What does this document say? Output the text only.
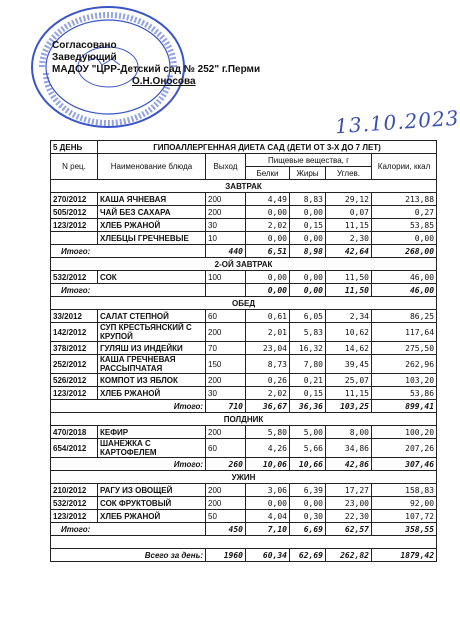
Согласовано
Заведующий
МАДОУ "ЦРР-Детский сад № 252" г.Перми
О.Н.Оносова
13.10.2023
5 ДЕНЬ	ГИПОАЛЛЕРГЕННАЯ ДИЕТА САД (ДЕТИ ОТ 3-Х ДО 7 ЛЕТ)					
N рец.	Наименование блюда	Выход	Пищевые вещества, г			Калории, ккал
			Белки	Жиры	Углев.	
ЗАВТРАК						
270/2012	КАША ЯЧНЕВАЯ	200	4,49	8,83	29,12	213,88
505/2012	ЧАЙ БЕЗ САХАРА	200	0,00	0,00	0,07	0,27
123/2012	ХЛЕБ РЖАНОЙ	30	2,02	0,15	11,15	53,85
	ХЛЕБЦЫ ГРЕЧНЕВЫЕ	10	0,00	0,00	2,30	0,00
Итого:		440	6,51	8,98	42,64	268,00
2-ОЙ ЗАВТРАК						
532/2012	СОК	100	0,00	0,00	11,50	46,00
Итого:			0,00	0,00	11,50	46,00
ОБЕД						
33/2012	САЛАТ СТЕПНОЙ	60	0,61	6,05	2,34	86,25
142/2012	СУП КРЕСТЬЯНСКИЙ С КРУПОЙ	200	2,01	5,83	10,62	117,64
378/2012	ГУЛЯШ ИЗ ИНДЕЙКИ	70	23,04	16,32	14,62	275,50
252/2012	КАША ГРЕЧНЕВАЯ РАССЫПЧАТАЯ	150	8,73	7,80	39,45	262,96
526/2012	КОМПОТ ИЗ ЯБЛОК	200	0,26	0,21	25,07	103,20
123/2012	ХЛЕБ РЖАНОЙ	30	2,02	0,15	11,15	53,86
Итого:		710	36,67	36,36	103,25	899,41
ПОЛДНИК						
470/2018	КЕФИР	200	5,80	5,00	8,00	100,20
654/2012	ШАНЕЖКА С КАРТОФЕЛЕМ	60	4,26	5,66	34,86	207,26
Итого:		260	10,06	10,66	42,86	307,46
УЖИН						
210/2012	РАГУ ИЗ ОВОЩЕЙ	200	3,06	6,39	17,27	158,83
532/2012	СОК ФРУКТОВЫЙ	200	0,00	0,00	23,00	92,00
123/2012	ХЛЕБ РЖАНОЙ	50	4,04	0,30	22,30	107,72
Итого:		450	7,10	6,69	62,57	358,55

Всего за день:		1960	60,34	62,69	262,82	1879,42
